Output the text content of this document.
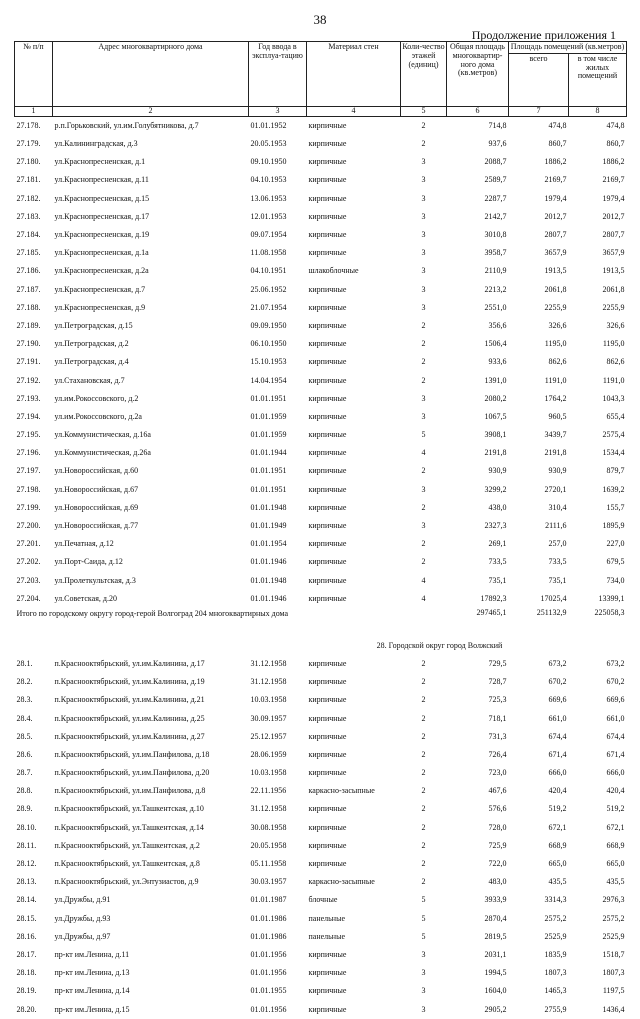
38
Продолжение приложения 1
№ п/п	Адрес многоквартирного дома	Год ввода в эксплуа-тацию	Материал стен	Коли-чество этажей (единиц)	Общая площадь многоквартир-ного дома (кв.метров)	Площадь помещений (кв.метров)	
						всего	в том числе жилых помещений
1	2	3	4	5	6	7	8
27.178.	р.п.Горьковский, ул.им.Голубятникова, д.7	01.01.1952	кирпичные	2	714,8	474,8	474,8
27.179.	ул.Калининградская, д.3	20.05.1953	кирпичные	2	937,6	860,7	860,7
27.180.	ул.Краснопресненская, д.1	09.10.1950	кирпичные	3	2088,7	1886,2	1886,2
27.181.	ул.Краснопресненская, д.11	04.10.1953	кирпичные	3	2589,7	2169,7	2169,7
27.182.	ул.Краснопресненская, д.15	13.06.1953	кирпичные	3	2287,7	1979,4	1979,4
27.183.	ул.Краснопресненская, д.17	12.01.1953	кирпичные	3	2142,7	2012,7	2012,7
27.184.	ул.Краснопресненская, д.19	09.07.1954	кирпичные	3	3010,8	2807,7	2807,7
27.185.	ул.Краснопресненская, д.1а	11.08.1958	кирпичные	3	3958,7	3657,9	3657,9
27.186.	ул.Краснопресненская, д.2а	04.10.1951	шлакоблочные	3	2110,9	1913,5	1913,5
27.187.	ул.Краснопресненская, д.7	25.06.1952	кирпичные	3	2213,2	2061,8	2061,8
27.188.	ул.Краснопресненская, д.9	21.07.1954	кирпичные	3	2551,0	2255,9	2255,9
27.189.	ул.Петроградская, д.15	09.09.1950	кирпичные	2	356,6	326,6	326,6
27.190.	ул.Петроградская, д.2	06.10.1950	кирпичные	2	1506,4	1195,0	1195,0
27.191.	ул.Петроградская, д.4	15.10.1953	кирпичные	2	933,6	862,6	862,6
27.192.	ул.Стахановская, д.7	14.04.1954	кирпичные	2	1391,0	1191,0	1191,0
27.193.	ул.им.Рокоссовского, д.2	01.01.1951	кирпичные	3	2080,2	1764,2	1043,3
27.194.	ул.им.Рокоссовского, д.2а	01.01.1959	кирпичные	3	1067,5	960,5	655,4
27.195.	ул.Коммунистическая, д.16а	01.01.1959	кирпичные	5	3908,1	3439,7	2575,4
27.196.	ул.Коммунистическая, д.26а	01.01.1944	кирпичные	4	2191,8	2191,8	1534,4
27.197.	ул.Новороссийская, д.60	01.01.1951	кирпичные	2	930,9	930,9	879,7
27.198.	ул.Новороссийская, д.67	01.01.1951	кирпичные	3	3299,2	2720,1	1639,2
27.199.	ул.Новороссийская, д.69	01.01.1948	кирпичные	2	438,0	310,4	155,7
27.200.	ул.Новороссийская, д.77	01.01.1949	кирпичные	3	2327,3	2111,6	1895,9
27.201.	ул.Печатная, д.12	01.01.1954	кирпичные	2	269,1	257,0	227,0
27.202.	ул.Порт-Саида, д.12	01.01.1946	кирпичные	2	733,5	733,5	679,5
27.203.	ул.Пролеткультская, д.3	01.01.1948	кирпичные	4	735,1	735,1	734,0
27.204.	ул.Советская, д.20	01.01.1946	кирпичные	4	17892,3	17025,4	13399,1
Итого по городскому округу город-герой Волгоград 204 многоквартирных дома					297465,1	251132,9	225058,3
28. Городской округ город Волжский							
28.1.	п.Краснооктябрьский, ул.им.Калинина, д.17	31.12.1958	кирпичные	2	729,5	673,2	673,2
28.2.	п.Краснооктябрьский, ул.им.Калинина, д.19	31.12.1958	кирпичные	2	728,7	670,2	670,2
28.3.	п.Краснооктябрьский, ул.им.Калинина, д.21	10.03.1958	кирпичные	2	725,3	669,6	669,6
28.4.	п.Краснооктябрьский, ул.им.Калинина, д.25	30.09.1957	кирпичные	2	718,1	661,0	661,0
28.5.	п.Краснооктябрьский, ул.им.Калинина, д.27	25.12.1957	кирпичные	2	731,3	674,4	674,4
28.6.	п.Краснооктябрьский, ул.им.Панфилова, д.18	28.06.1959	кирпичные	2	726,4	671,4	671,4
28.7.	п.Краснооктябрьский, ул.им.Панфилова, д.20	10.03.1958	кирпичные	2	723,0	666,0	666,0
28.8.	п.Краснооктябрьский, ул.им.Панфилова, д.8	22.11.1956	каркасно-засыпные	2	467,6	420,4	420,4
28.9.	п.Краснооктябрьский, ул.Ташкентская, д.10	31.12.1958	кирпичные	2	576,6	519,2	519,2
28.10.	п.Краснооктябрьский, ул.Ташкентская, д.14	30.08.1958	кирпичные	2	728,0	672,1	672,1
28.11.	п.Краснооктябрьский, ул.Ташкентская, д.2	20.05.1958	кирпичные	2	725,9	668,9	668,9
28.12.	п.Краснооктябрьский, ул.Ташкентская, д.8	05.11.1958	кирпичные	2	722,0	665,0	665,0
28.13.	п.Краснооктябрьский, ул.Энтузиастов, д.9	30.03.1957	каркасно-засыпные	2	483,0	435,5	435,5
28.14.	ул.Дружбы, д.91	01.01.1987	блочные	5	3933,9	3314,3	2976,3
28.15.	ул.Дружбы, д.93	01.01.1986	панельные	5	2870,4	2575,2	2575,2
28.16.	ул.Дружбы, д.97	01.01.1986	панельные	5	2819,5	2525,9	2525,9
28.17.	пр-кт им.Ленина, д.11	01.01.1956	кирпичные	3	2031,1	1835,9	1518,7
28.18.	пр-кт им.Ленина, д.13	01.01.1956	кирпичные	3	1994,5	1807,3	1807,3
28.19.	пр-кт им.Ленина, д.14	01.01.1955	кирпичные	3	1604,0	1465,3	1197,5
28.20.	пр-кт им.Ленина, д.15	01.01.1956	кирпичные	3	2905,2	2755,9	1436,4
